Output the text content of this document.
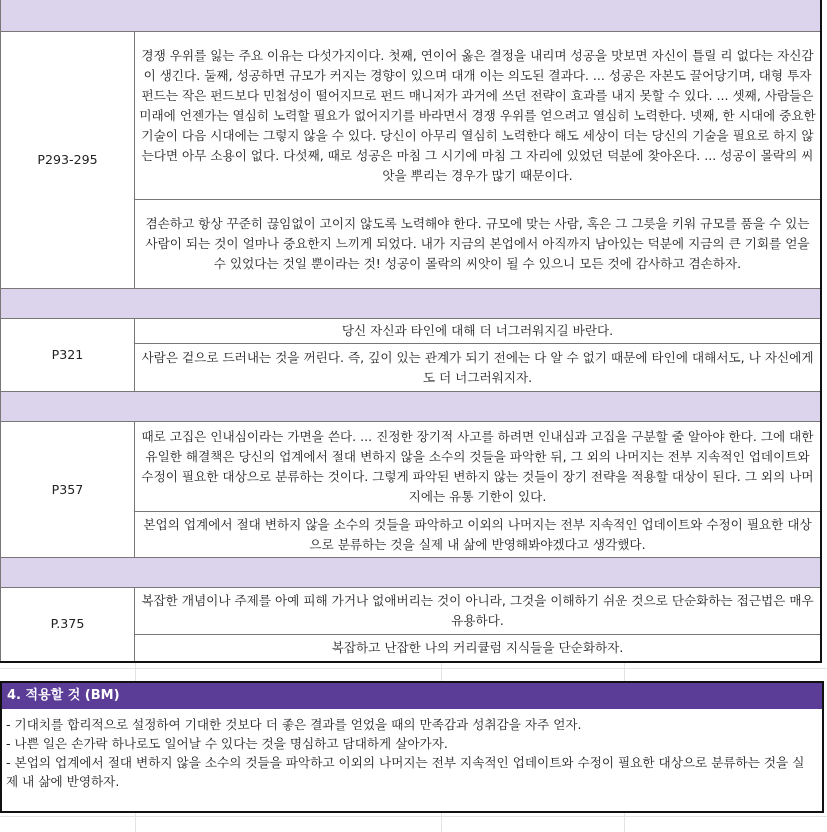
P293-295	경쟁 우위를 잃는 주요 이유는 다섯가지이다. 첫째, 연이어 옳은 결정을 내리며 성공을 맛보면 자신이 틀릴 리 없다는 자신감이 생긴다. 둘째, 성공하면 규모가 커지는 경향이 있으며 대개 이는 의도된 결과다. ... 성공은 자본도 끌어당기며, 대형 투자 펀드는 작은 펀드보다 민첩성이 떨어지므로 펀드 매니저가 과거에 쓰던 전략이 효과를 내지 못할 수 있다. ... 셋째, 사람들은 미래에 언젠가는 열심히 노력할 필요가 없어지기를 바라면서 경쟁 우위를 얻으려고 열심히 노력한다. 넷째, 한 시대에 중요한 기술이 다음 시대에는 그렇지 않을 수 있다. 당신이 아무리 열심히 노력한다 해도 세상이 더는 당신의 기술을 필요로 하지 않는다면 아무 소용이 없다. 다섯째, 때로 성공은 마침 그 시기에 마침 그 자리에 있었던 덕분에 찾아온다. ... 성공이 몰락의 씨앗을 뿌리는 경우가 많기 때문이다.
	겸손하고 항상 꾸준히 끊임없이 고이지 않도록 노력해야 한다. 규모에 맞는 사람, 혹은 그 그릇을 키워 규모를 품을 수 있는 사람이 되는 것이 얼마나 중요한지 느끼게 되었다. 내가 지금의 본업에서 아직까지 남아있는 덕분에 지금의 큰 기회를 얻을 수 있었다는 것일 뿐이라는 것! 성공이 몰락의 씨앗이 될 수 있으니 모든 것에 감사하고 겸손하자.

P321	당신 자신과 타인에 대해 더 너그러워지길 바란다.
	사람은 겉으로 드러내는 것을 꺼린다. 즉, 깊이 있는 관계가 되기 전에는 다 알 수 없기 때문에 타인에 대해서도, 나 자신에게도 더 너그러워지자.

P357	때로 고집은 인내심이라는 가면을 쓴다. ... 진정한 장기적 사고를 하려면 인내심과 고집을 구분할 줄 알아야 한다. 그에 대한 유일한 해결책은 당신의 업계에서 절대 변하지 않을 소수의 것들을 파악한 뒤, 그 외의 나머지는 전부 지속적인 업데이트와 수정이 필요한 대상으로 분류하는 것이다. 그렇게 파악된 변하지 않는 것들이 장기 전략을 적용할 대상이 된다. 그 외의 나머지에는 유통 기한이 있다.
	본업의 업계에서 절대 변하지 않을 소수의 것들을 파악하고 이외의 나머지는 전부 지속적인 업데이트와 수정이 필요한 대상으로 분류하는 것을 실제 내 삶에 반영해봐야겠다고 생각했다.

P.375	복잡한 개념이나 주제를 아예 피해 가거나 없애버리는 것이 아니라, 그것을 이해하기 쉬운 것으로 단순화하는 접근법은 매우 유용하다.
	복잡하고 난잡한 나의 커리큘럼 지식들을 단순화하자.
4. 적용할 것 (BM)
- 기대치를 합리적으로 설정하여 기대한 것보다 더 좋은 결과를 얻었을 때의 만족감과 성취감을 자주 얻자.
- 나쁜 일은 손가락 하나로도 일어날 수 있다는 것을 명심하고 담대하게 살아가자.
- 본업의 업계에서 절대 변하지 않을 소수의 것들을 파악하고 이외의 나머지는 전부 지속적인 업데이트와 수정이 필요한 대상으로 분류하는 것을 실제 내 삶에 반영하자.
